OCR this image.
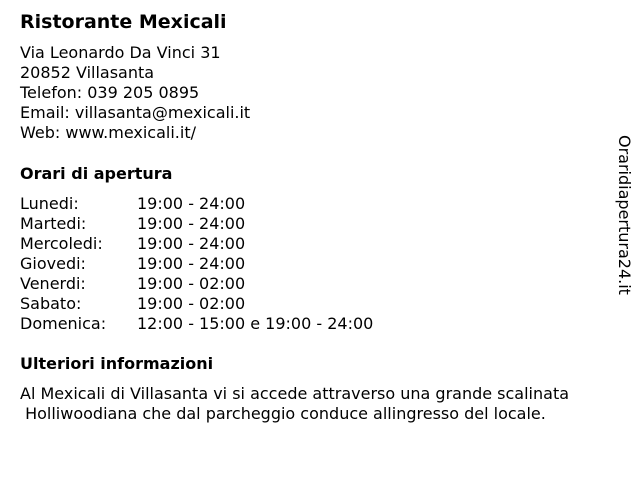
Ristorante Mexicali
Via Leonardo Da Vinci 31
20852 Villasanta
Telefon: 039 205 0895
Email: villasanta@mexicali.it
Web: www.mexicali.it/
Orari di apertura
Lunedi:	19:00 - 24:00
Martedi:	19:00 - 24:00
Mercoledi: 19:00 - 24:00
Giovedi:	19:00 - 24:00
Venerdi:	19:00 - 02:00
Sabato:	19:00 - 02:00
Domenica: 12:00 - 15:00 e 19:00 - 24:00
Ulteriori informazioni
Al Mexicali di Villasanta vi si accede attraverso una grande scalinata
Holliwoodiana che dal parcheggio conduce allingresso del locale.
Oraridiapertura24.it
